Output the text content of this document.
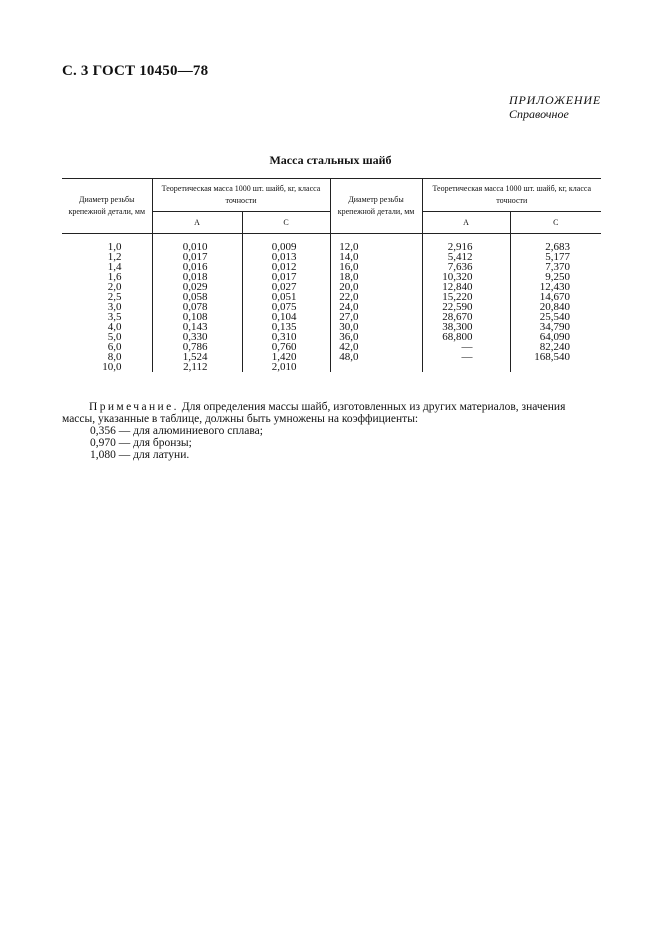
С. 3 ГОСТ 10450—78
ПРИЛОЖЕНИЕ
Справочное
Масса стальных шайб
Диаметр резьбы крепежной детали, мм	Теоретическая масса 1000 шт. шайб, кг, класса точности		Диаметр резьбы крепежной детали, мм	Теоретическая масса 1000 шт. шайб, кг, класса точности	
	А	С		А	С
1,0	0,010	0,009	12,0	2,916	2,683
1,2	0,017	0,013	14,0	5,412	5,177
1,4	0,016	0,012	16,0	7,636	7,370
1,6	0,018	0,017	18,0	10,320	9,250
2,0	0,029	0,027	20,0	12,840	12,430
2,5	0,058	0,051	22,0	15,220	14,670
3,0	0,078	0,075	24,0	22,590	20,840
3,5	0,108	0,104	27,0	28,670	25,540
4,0	0,143	0,135	30,0	38,300	34,790
5,0	0,330	0,310	36,0	68,800	64,090
6,0	0,786	0,760	42,0	—	82,240
8,0	1,524	1,420	48,0	—	168,540
10,0	2,112	2,010			

Примечание. Для определения массы шайб, изготовленных из других материалов, значения массы, указанные в таблице, должны быть умножены на коэффициенты:

0,356 — для алюминиевого сплава;

0,970 — для бронзы;

1,080 — для латуни.
